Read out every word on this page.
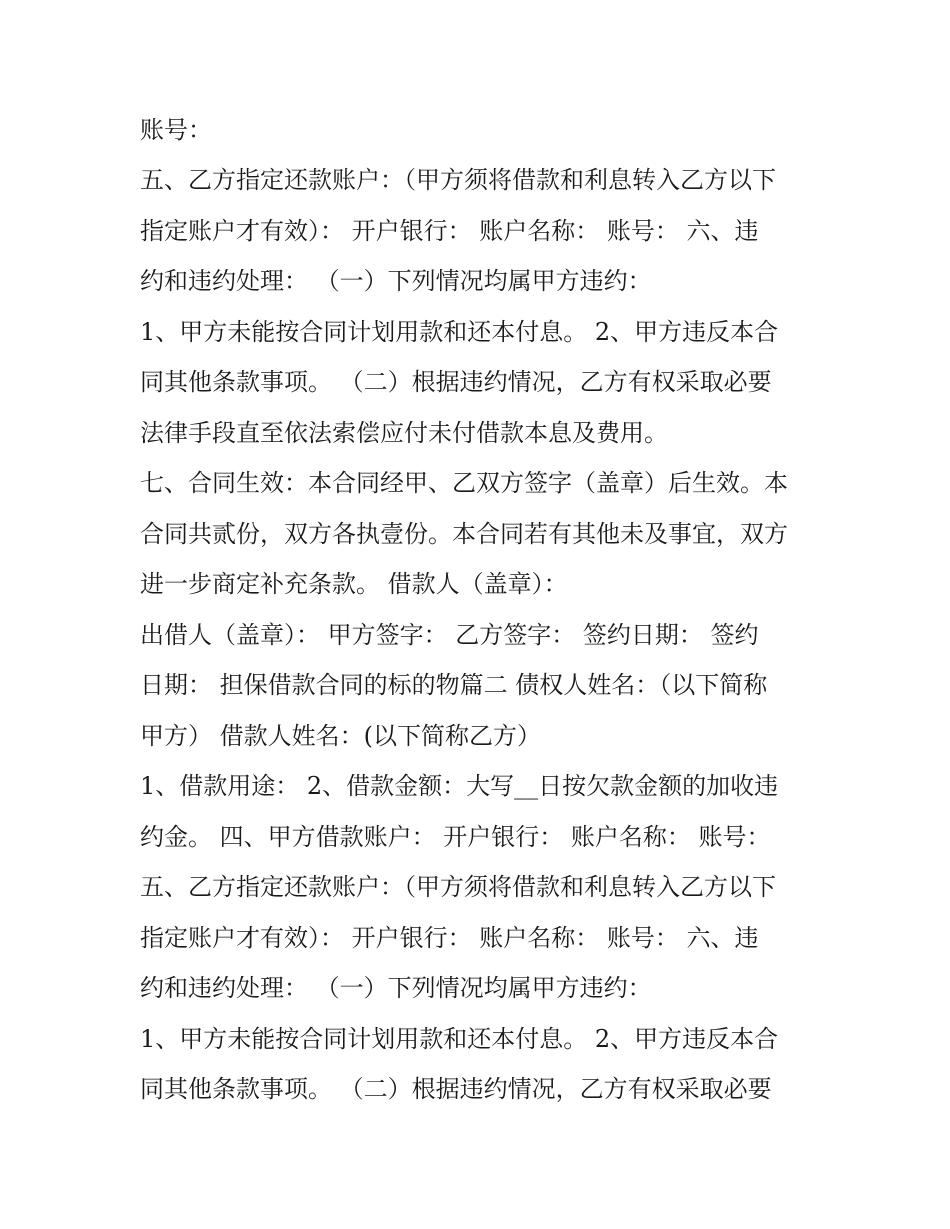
账号：
五、乙方指定还款账户：（甲方须将借款和利息转入乙方以下
指定账户才有效）： 开户银行： 账户名称： 账号： 六、违
约和违约处理： （一）下列情况均属甲方违约：
1、甲方未能按合同计划用款和还本付息。 2、甲方违反本合
同其他条款事项。 （二）根据违约情况，乙方有权采取必要
法律手段直至依法索偿应付未付借款本息及费用。
七、合同生效：本合同经甲、乙双方签字（盖章）后生效。本
合同共贰份，双方各执壹份。本合同若有其他未及事宜，双方
进一步商定补充条款。 借款人（盖章）：
出借人（盖章）： 甲方签字： 乙方签字： 签约日期： 签约
日期： 担保借款合同的标的物篇二 债权人姓名：（以下简称
甲方） 借款人姓名：(以下简称乙方）
1、借款用途： 2、借款金额：大写__日按欠款金额的加收违
约金。 四、甲方借款账户： 开户银行： 账户名称： 账号：
五、乙方指定还款账户：（甲方须将借款和利息转入乙方以下
指定账户才有效）： 开户银行： 账户名称： 账号： 六、违
约和违约处理： （一）下列情况均属甲方违约：
1、甲方未能按合同计划用款和还本付息。 2、甲方违反本合
同其他条款事项。 （二）根据违约情况，乙方有权采取必要
